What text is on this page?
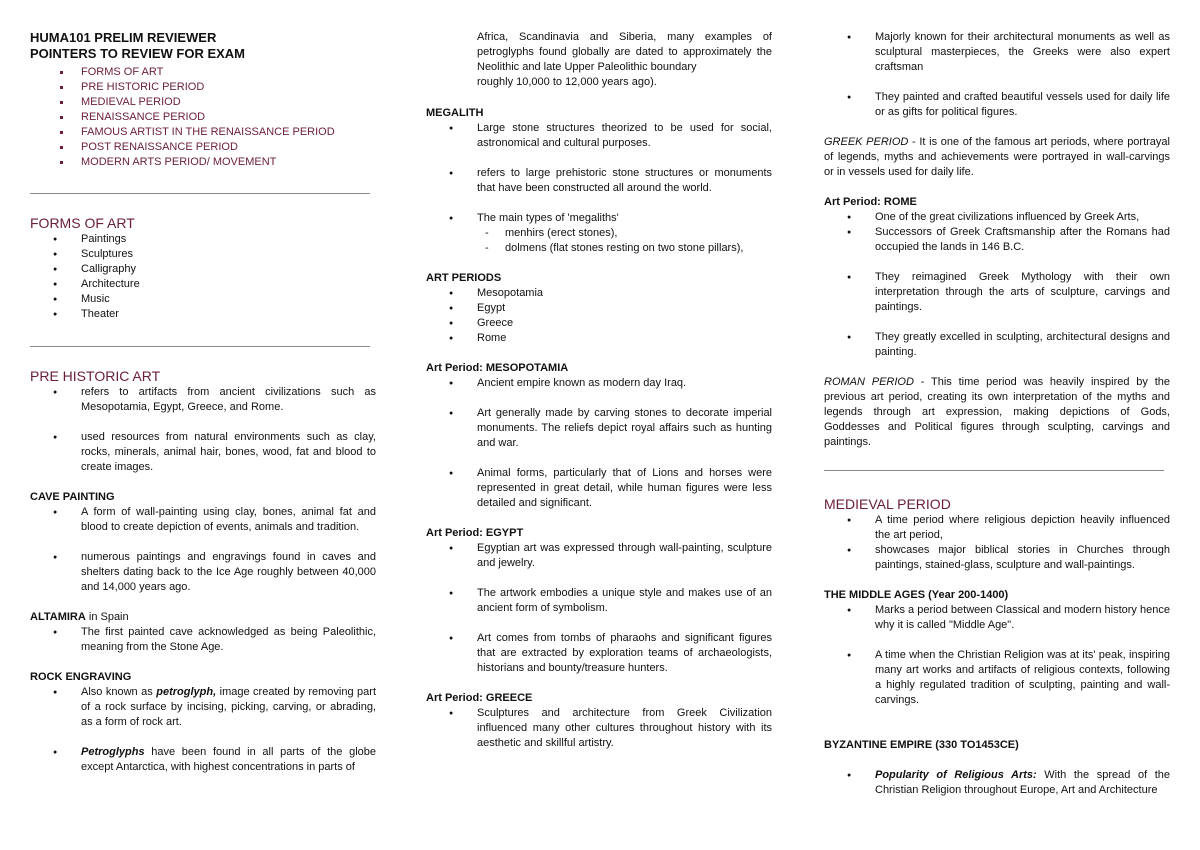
HUMA101 PRELIM REVIEWER
POINTERS TO REVIEW FOR EXAM
FORMS OF ART
PRE HISTORIC PERIOD
MEDIEVAL PERIOD
RENAISSANCE PERIOD
FAMOUS ARTIST IN THE RENAISSANCE PERIOD
POST RENAISSANCE PERIOD
MODERN ARTS PERIOD/ MOVEMENT
FORMS OF ART
● Paintings
● Sculptures
● Calligraphy
● Architecture
● Music
● Theater
PRE HISTORIC ART
● refers to artifacts from ancient civilizations such as Mesopotamia, Egypt, Greece, and Rome.
● used resources from natural environments such as clay, rocks, minerals, animal hair, bones, wood, fat and blood to create images.
CAVE PAINTING
● A form of wall-painting using clay, bones, animal fat and blood to create depiction of events, animals and tradition.
● numerous paintings and engravings found in caves and shelters dating back to the Ice Age roughly between 40,000 and 14,000 years ago.
ALTAMIRA in Spain
● The first painted cave acknowledged as being Paleolithic, meaning from the Stone Age.
ROCK ENGRAVING
● Also known as petroglyph, image created by removing part of a rock surface by incising, picking, carving, or abrading, as a form of rock art.
● Petroglyphs have been found in all parts of the globe except Antarctica, with highest concentrations in parts of
Africa, Scandinavia and Siberia, many examples of petroglyphs found globally are dated to approximately the Neolithic and late Upper Paleolithic boundary
roughly 10,000 to 12,000 years ago).
MEGALITH
● Large stone structures theorized to be used for social, astronomical and cultural purposes.
● refers to large prehistoric stone structures or monuments that have been constructed all around the world.
● The main types of 'megaliths'
- menhirs (erect stones),
- dolmens (flat stones resting on two stone pillars),
ART PERIODS
● Mesopotamia
● Egypt
● Greece
● Rome
Art Period: MESOPOTAMIA
● Ancient empire known as modern day Iraq.
● Art generally made by carving stones to decorate imperial monuments. The reliefs depict royal affairs such as hunting and war.
● Animal forms, particularly that of Lions and horses were represented in great detail, while human figures were less detailed and significant.
Art Period: EGYPT
● Egyptian art was expressed through wall-painting, sculpture and jewelry.
● The artwork embodies a unique style and makes use of an ancient form of symbolism.
● Art comes from tombs of pharaohs and significant figures that are extracted by exploration teams of archaeologists, historians and bounty/treasure hunters.
Art Period: GREECE
● Sculptures and architecture from Greek Civilization influenced many other cultures throughout history with its aesthetic and skillful artistry.
● Majorly known for their architectural monuments as well as sculptural masterpieces, the Greeks were also expert craftsman
● They painted and crafted beautiful vessels used for daily life or as gifts for political figures.

GREEK PERIOD - It is one of the famous art periods, where portrayal of legends, myths and achievements were portrayed in wall-carvings or in vessels used for daily life.

Art Period: ROME
● One of the great civilizations influenced by Greek Arts,
● Successors of Greek Craftsmanship after the Romans had occupied the lands in 146 B.C.
● They reimagined Greek Mythology with their own interpretation through the arts of sculpture, carvings and paintings.
● They greatly excelled in sculpting, architectural designs and painting.

ROMAN PERIOD - This time period was heavily inspired by the previous art period, creating its own interpretation of the myths and legends through art expression, making depictions of Gods, Goddesses and Political figures through sculpting, carvings and paintings.

MEDIEVAL PERIOD
● A time period where religious depiction heavily influenced the art period,
● showcases major biblical stories in Churches through paintings, stained-glass, sculpture and wall-paintings.
THE MIDDLE AGES (Year 200-1400)
● Marks a period between Classical and modern history hence why it is called "Middle Age".
● A time when the Christian Religion was at its' peak, inspiring many art works and artifacts of religious contexts, following a highly regulated tradition of sculpting, painting and wall-carvings.
BYZANTINE EMPIRE (330 TO1453CE)
● Popularity of Religious Arts: With the spread of the Christian Religion throughout Europe, Art and Architecture
